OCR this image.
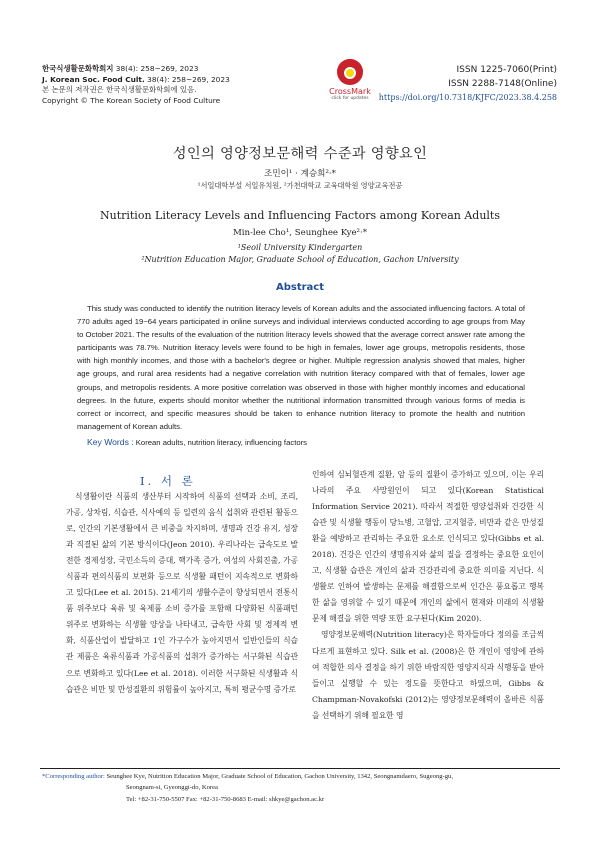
한국식생활문화학회지 38(4): 258~269, 2023
J. Korean Soc. Food Cult. 38(4): 258~269, 2023
본 논문의 저작권은 한국식생활문화학회에 있음.
Copyright © The Korean Society of Food Culture
CrossMark
click for updates
ISSN 1225-7060(Print)
ISSN 2288-7148(Online)
https://doi.org/10.7318/KJFC/2023.38.4.258
성인의 영양정보문해력 수준과 영향요인
조민이¹ · 계승희²·*
¹서일대학부설 서일유치원, ²가천대학교 교육대학원 영양교육전공
Nutrition Literacy Levels and Influencing Factors among Korean Adults
Min-lee Cho¹, Seunghee Kye²·*
¹Seoil University Kindergarten
²Nutrition Education Major, Graduate School of Education, Gachon University
Abstract
This study was conducted to identify the nutrition literacy levels of Korean adults and the associated influencing factors. A total of 770 adults aged 19~64 years participated in online surveys and individual interviews conducted according to age groups from May to October 2021. The results of the evaluation of the nutrition literacy levels showed that the average correct answer rate among the participants was 78.7%. Nutrition literacy levels were found to be high in females, lower age groups, metropolis residents, those with high monthly incomes, and those with a bachelor's degree or higher. Multiple regression analysis showed that males, higher age groups, and rural area residents had a negative correlation with nutrition literacy compared with that of females, lower age groups, and metropolis residents. A more positive correlation was observed in those with higher monthly incomes and educational degrees. In the future, experts should monitor whether the nutritional information transmitted through various forms of media is correct or incorrect, and specific measures should be taken to enhance nutrition literacy to promote the health and nutrition management of Korean adults.
Key Words : Korean adults, nutrition literacy, influencing factors
I. 서 론

식생활이란 식품의 생산부터 시작하여 식품의 선택과 소비, 조리, 가공, 상차림, 식습관, 식사예의 등 일련의 음식 섭취와 관련된 활동으로, 인간의 기본생활에서 큰 비중을 차지하며, 생명과 건강 유지, 성장과 직결된 삶의 기본 방식이다(Jeon 2010). 우리나라는 급속도로 발전한 경제성장, 국민소득의 증대, 핵가족 증가, 여성의 사회진출, 가공식품과 편의식품의 보편화 등으로 식생활 패턴이 지속적으로 변화하고 있다(Lee et al. 2015). 21세기의 생활수준이 향상되면서 전통식품 위주보다 육류 및 육제품 소비 증가를 포함해 다양화된 식품패턴 위주로 변화하는 식생활 양상을 나타내고, 급속한 사회 및 경제적 변화, 식품산업이 발달하고 1인 가구수가 높아지면서 일반인들의 식습관 제품은 육류식품과 가공식품의 섭취가 증가하는 서구화된 식습관으로 변화하고 있다(Lee et al. 2018). 이러한 서구화된 식생활과 식습관은 비만 및 만성질환의 위험률이 높아지고, 특히 평균수명 증가로

인하여 심뇌혈관계 질환, 암 등의 질환이 증가하고 있으며, 이는 우리나라의 주요 사망원인이 되고 있다(Korean Statistical Information Service 2021). 따라서 적절한 영양섭취와 건강한 식습관 및 식생활 행동이 당뇨병, 고혈압, 고지혈증, 비만과 같은 만성질환을 예방하고 관리하는 주요한 요소로 인식되고 있다(Gibbs et al. 2018). 건강은 인간의 생명유지와 삶의 질을 결정하는 중요한 요인이고, 식생활 습관은 개인의 삶과 건강관리에 중요한 의미를 지닌다. 식생활로 인하여 발생하는 문제를 해결함으로써 인간은 풍요롭고 행복한 삶을 영위할 수 있기 때문에 개인의 삶에서 현재와 미래의 식생활 문제 해결을 위한 역량 또한 요구된다(Kim 2020).

영양정보문해력(Nutrition literacy)은 학자들마다 정의를 조금씩 다르게 표현하고 있다. Silk et al. (2008)은 한 개인이 영양에 관하여 적합한 의사 결정을 하기 위한 바람직한 영양지식과 식행동을 받아들이고 실행할 수 있는 정도를 뜻한다고 하였으며, Gibbs & Champman-Novakofski (2012)는 영양정보문해력이 올바른 식품을 선택하기 위해 필요한 영

*Corresponding author: Seunghee Kye, Nutrition Education Major, Graduate School of Education, Gachon University, 1342, Seongnamdaero, Sugeong-gu,
Seongnam-si, Gyeonggi-do, Korea
Tel: +82-31-750-5507 Fax: +82-31-750-8683 E-mail: shkye@gachon.ac.kr
